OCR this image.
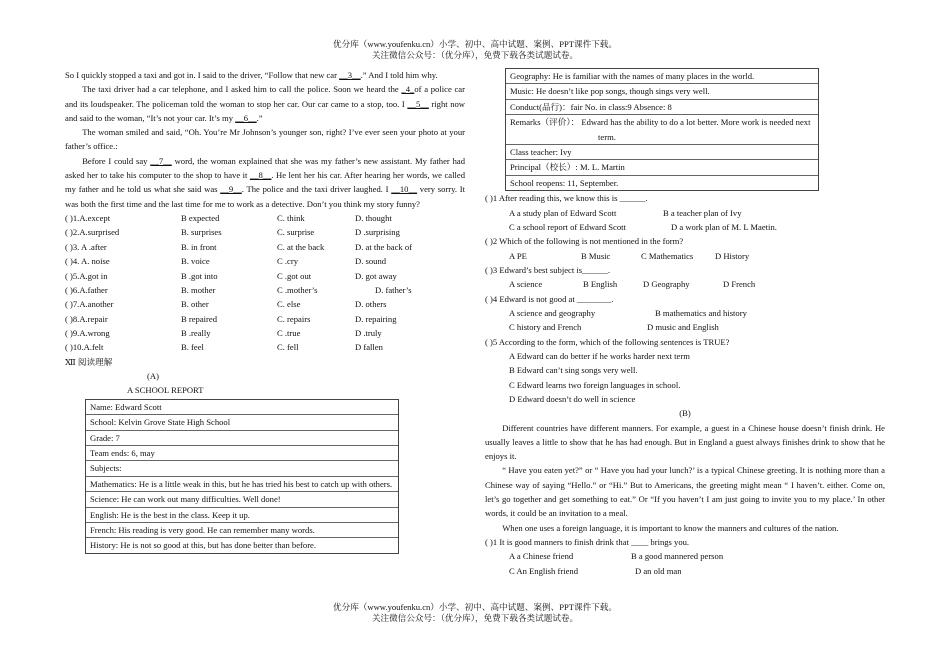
优分库（www.youfenku.cn）小学、初中、高中试题、案例、PPT课件下载。
关注微信公众号：（优分库），免费下载各类试题试卷。

So I quickly stopped a taxi and got in. I said to the driver, “Follow that new car __3__.” And I told him why.

The taxi driver had a car telephone, and I asked him to call the police. Soon we heard the _4_of a police car and its loudspeaker. The policeman told the woman to stop her car. Our car came to a stop, too. I __5__ right now and said to the woman, “It’s not your car. It’s my __6__.”

The woman smiled and said, “Oh. You’re Mr Johnson’s younger son, right? I’ve ever seen your photo at your father’s office.:

Before I could say __7__ word, the woman explained that she was my father’s new assistant. My father had asked her to take his computer to the shop to have it __8__. He lent her his car. After hearing her words, we called my father and he told us what she said was __9__. The police and the taxi driver laughed. I __10__ very sorry. It was both the first time and the last time for me to work as a detective. Don’t you think my story funny?

( )1.A.except	B expected	C. think	D. thought
( )2.A.surprised	B. surprises	C. surprise	D .surprising
( )3. A .after	B. in front	C. at the back	D. at the back of
( )4. A. noise	B. voice	C .cry	D. sound
( )5.A.got in	B .got into	C .got out	D. got away
( )6.A.father	B. mother	C .mother’s	D. father’s
( )7.A.another	B. other	C. else	D. others
( )8.A.repair	B repaired	C. repairs	D. repairing
( )9.A.wrong	B .really	C .true	D .truly
( )10.A.felt	B. feel	C. fell	D fallen
Ⅻ 阅读理解
(A)
A SCHOOL REPORT
Name: Edward Scott
School: Kelvin Grove State High School
Grade: 7
Team ends: 6, may
Subjects:
Mathematics: He is a little weak in this, but he has tried his best to catch up with others.
Science: He can work out many difficulties. Well done!
English: He is the best in the class. Keep it up.
French: His reading is very good. He can remember many words.
History: He is not so good at this, but has done better than before.
Geography: He is familiar with the names of many places in the world.
Music: He doesn’t like pop songs, though sings very well.
Conduct(品行)：fair No. in class:9 Absence: 8
Remarks（评价）： Edward has the ability to do a lot better. More work is needed next term.
Class teacher: Ivy
Principal（校长）: M. L. Martin
School reopens: 11, September.
( )1 After reading this, we know this is ______.
A a study plan of Edward Scott	B a teacher plan of Ivy
C a school report of Edward Scott	D a work plan of M. L Maetin.
( )2 Which of the following is not mentioned in the form?
A PE	B Music	C Mathematics	D History
( )3 Edward’s best subject is______.
A science	B English	D Geography	D French
( )4 Edward is not good at ________.
A science and geography	B mathematics and history
C history and French	D music and English
( )5 According to the form, which of the following sentences is TRUE?
A Edward can do better if he works harder next term
B Edward can’t sing songs very well.
C Edward learns two foreign languages in school.
D Edward doesn’t do well in science
(B)

Different countries have different manners. For example, a guest in a Chinese house doesn’t finish drink. He usually leaves a little to show that he has had enough. But in England a guest always finishes drink to show that he enjoys it.

“ Have you eaten yet?” or “ Have you had your lunch?’ is a typical Chinese greeting. It is nothing more than a Chinese way of saying “Hello.” or “Hi.” But to Americans, the greeting might mean “ I haven’t. either. Come on, let’s go together and get something to eat.” Or “If you haven’t I am just going to invite you to my place.’ In other words, it could be an invitation to a meal.

When one uses a foreign language, it is important to know the manners and cultures of the nation.

( )1 It is good manners to finish drink that ____ brings you.
A a Chinese friend	B a good mannered person
C An English friend	D an old man
优分库（www.youfenku.cn）小学、初中、高中试题、案例、PPT课件下载。
关注微信公众号：（优分库），免费下载各类试题试卷。
